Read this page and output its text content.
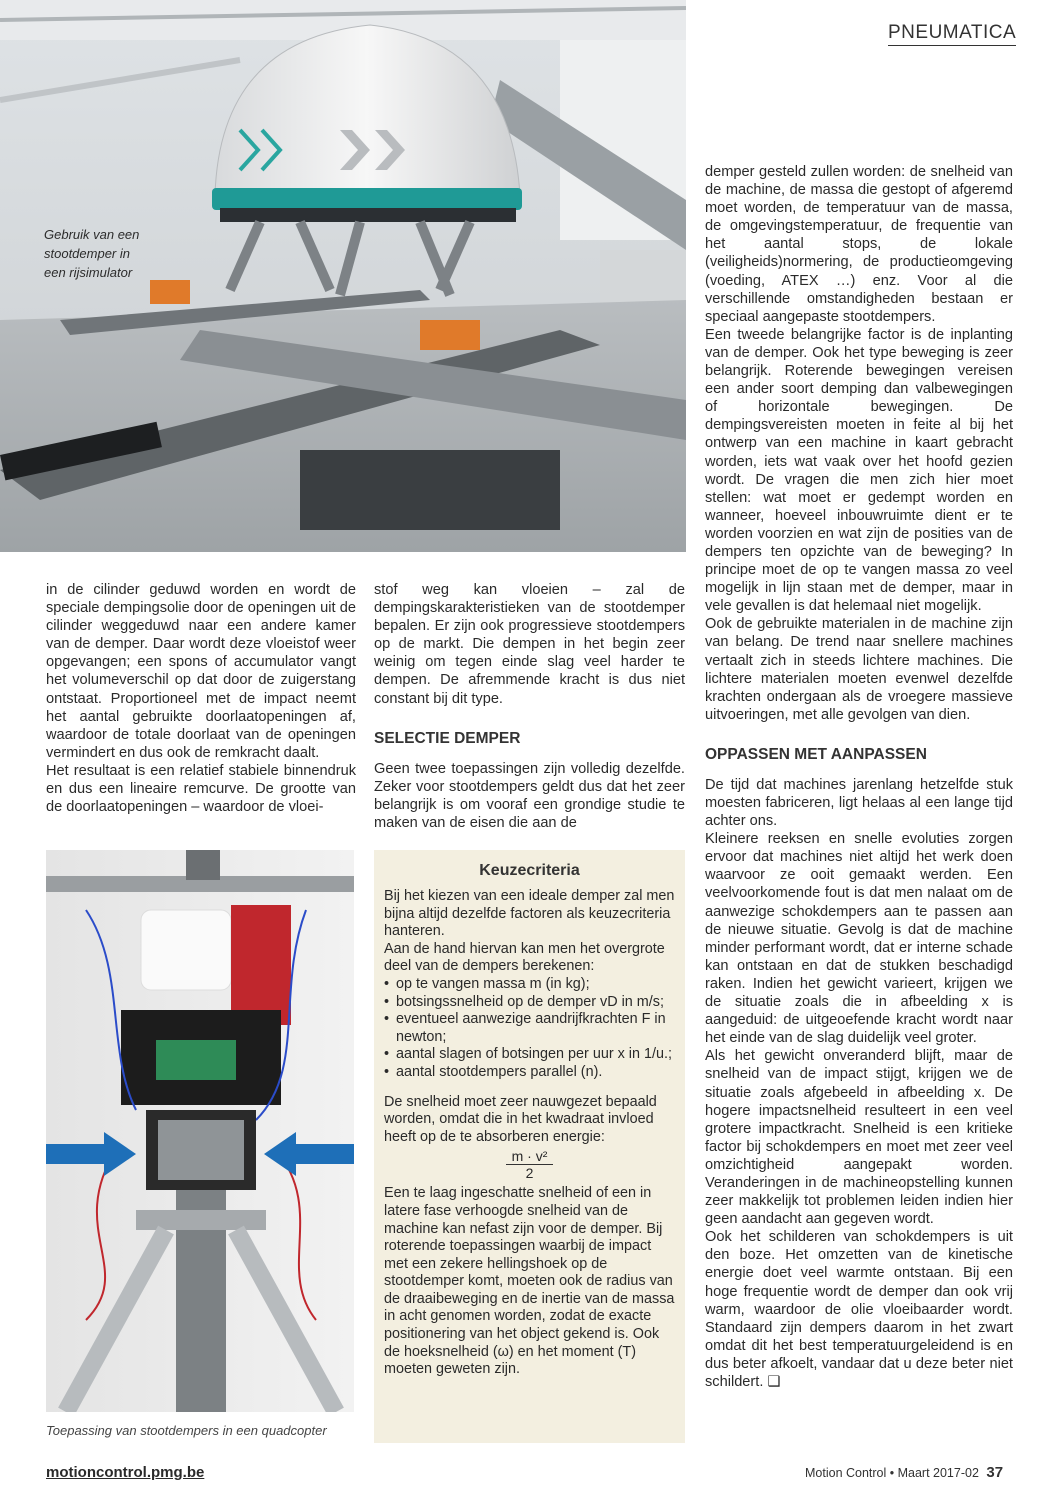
PNEUMATICA
Gebruik van een stootdemper in een rijsimulator

in de cilinder geduwd worden en wordt de speciale dempingsolie door de openingen uit de cilinder weggeduwd naar een andere kamer van de demper. Daar wordt deze vloeistof weer opgevangen; een spons of accumulator vangt het volumeverschil op dat door de zuigerstang ontstaat. Proportioneel met de impact neemt het aantal gebruikte doorlaatopeningen af, waardoor de totale doorlaat van de openingen vermindert en dus ook de remkracht daalt.

Het resultaat is een relatief stabiele binnendruk en dus een lineaire remcurve. De grootte van de doorlaatopeningen – waardoor de vloei-

stof weg kan vloeien – zal de dempingskarakteristieken van de stootdemper bepalen. Er zijn ook progressieve stootdempers op de markt. Die dempen in het begin zeer weinig om tegen einde slag veel harder te dempen. De afremmende kracht is dus niet constant bij dit type.

SELECTIE DEMPER

Geen twee toepassingen zijn volledig dezelfde. Zeker voor stootdempers geldt dus dat het zeer belangrijk is om vooraf een grondige studie te maken van de eisen die aan de

Toepassing van stootdempers in een quadcopter
Keuzecriteria

Bij het kiezen van een ideale demper zal men bijna altijd dezelfde factoren als keuzecriteria hanteren.

Aan de hand hiervan kan men het overgrote deel van de dempers berekenen:

• op te vangen massa m (in kg);
• botsingssnelheid op de demper vD in m/s;
• eventueel aanwezige aandrijfkrachten F in newton;
• aantal slagen of botsingen per uur x in 1/u.;
• aantal stootdempers parallel (n).

De snelheid moet zeer nauwgezet bepaald worden, omdat die in het kwadraat invloed heeft op de te absorberen energie:

m · v²
2

Een te laag ingeschatte snelheid of een in latere fase verhoogde snelheid van de machine kan nefast zijn voor de demper. Bij roterende toepassingen waarbij de impact met een zekere hellingshoek op de stootdemper komt, moeten ook de radius van de draaibeweging en de inertie van de massa in acht genomen worden, zodat de exacte positionering van het object gekend is. Ook de hoeksnelheid (ω) en het moment (T) moeten geweten zijn.

demper gesteld zullen worden: de snelheid van de machine, de massa die gestopt of afgeremd moet worden, de temperatuur van de massa, de omgevingstemperatuur, de frequentie van het aantal stops, de lokale (veiligheids)normering, de productieomgeving (voeding, ATEX …) enz. Voor al die verschillende omstandigheden bestaan er speciaal aangepaste stootdempers.

Een tweede belangrijke factor is de inplanting van de demper. Ook het type beweging is zeer belangrijk. Roterende bewegingen vereisen een ander soort demping dan valbewegingen of horizontale bewegingen. De dempingsvereisten moeten in feite al bij het ontwerp van een machine in kaart gebracht worden, iets wat vaak over het hoofd gezien wordt. De vragen die men zich hier moet stellen: wat moet er gedempt worden en wanneer, hoeveel inbouwruimte dient er te worden voorzien en wat zijn de posities van de dempers ten opzichte van de beweging? In principe moet de op te vangen massa zo veel mogelijk in lijn staan met de demper, maar in vele gevallen is dat helemaal niet mogelijk.

Ook de gebruikte materialen in de machine zijn van belang. De trend naar snellere machines vertaalt zich in steeds lichtere machines. Die lichtere materialen moeten evenwel dezelfde krachten ondergaan als de vroegere massieve uitvoeringen, met alle gevolgen van dien.

OPPASSEN MET AANPASSEN

De tijd dat machines jarenlang hetzelfde stuk moesten fabriceren, ligt helaas al een lange tijd achter ons.

Kleinere reeksen en snelle evoluties zorgen ervoor dat machines niet altijd het werk doen waarvoor ze ooit gemaakt werden. Een veelvoorkomende fout is dat men nalaat om de aanwezige schokdempers aan te passen aan de nieuwe situatie. Gevolg is dat de machine minder performant wordt, dat er interne schade kan ontstaan en dat de stukken beschadigd raken. Indien het gewicht varieert, krijgen we de situatie zoals die in afbeelding x is aangeduid: de uitgeoefende kracht wordt naar het einde van de slag duidelijk veel groter.

Als het gewicht onveranderd blijft, maar de snelheid van de impact stijgt, krijgen we de situatie zoals afgebeeld in afbeelding x. De hogere impactsnelheid resulteert in een veel grotere impactkracht. Snelheid is een kritieke factor bij schokdempers en moet met zeer veel omzichtigheid aangepakt worden. Veranderingen in de machineopstelling kunnen zeer makkelijk tot problemen leiden indien hier geen aandacht aan gegeven wordt.

Ook het schilderen van schokdempers is uit den boze. Het omzetten van de kinetische energie doet veel warmte ontstaan. Bij een hoge frequentie wordt de demper dan ook vrij warm, waardoor de olie vloeibaarder wordt. Standaard zijn dempers daarom in het zwart omdat dit het best temperatuurgeleidend is en dus beter afkoelt, vandaar dat u deze beter niet schildert. ❑

motioncontrol.pmg.be	Motion Control • Maart 2017-02 37
